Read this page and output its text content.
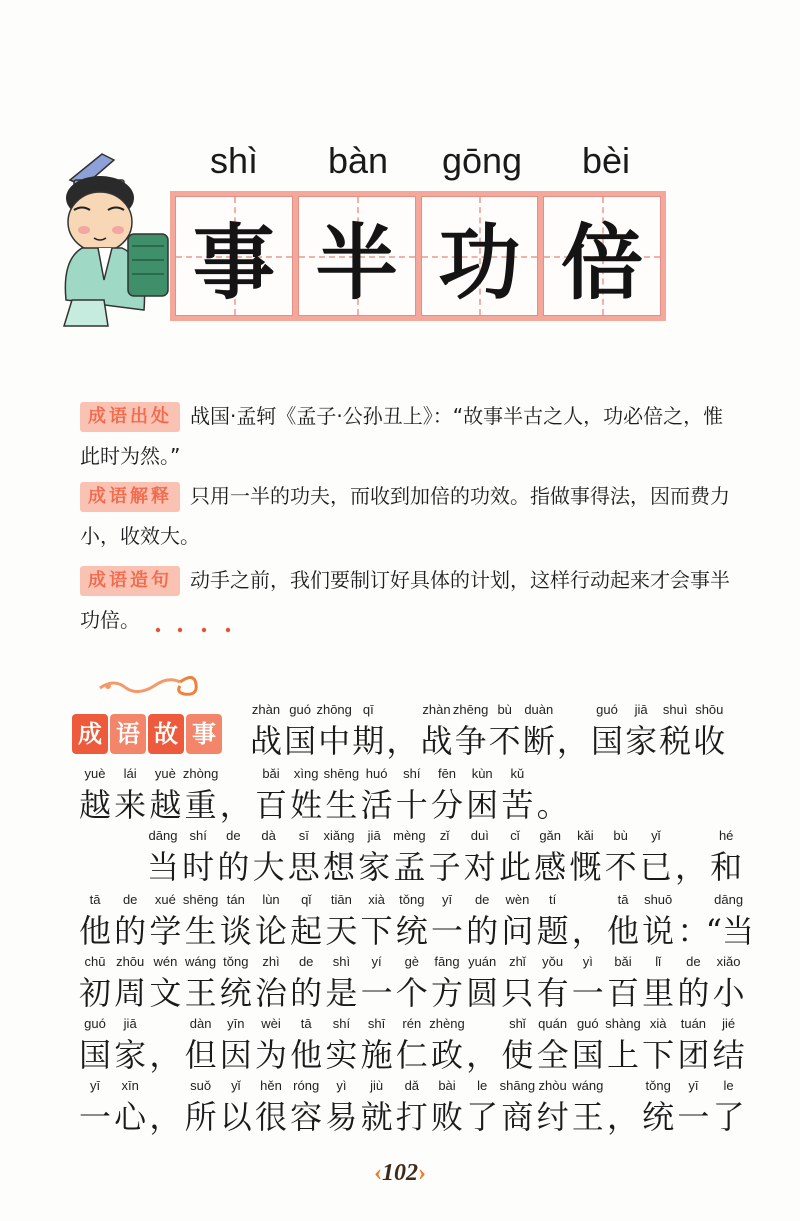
shì	bàn	gōng	bèi
事 半 功 倍
成语出处 战国·孟轲《孟子·公孙丑上》：“故事半古之人，功必倍之，惟此时为然。”
成语解释 只用一半的功夫，而收到加倍的功效。指做事得法，因而费力小，收效大。
成语造句 动手之前，我们要制订好具体的计划，这样行动起来才会事半功倍。
成 语 故 事
zhàn
战
guó
国
zhōng
中
qī
期 ，
zhàn
战
zhēng
争
bù
不
duàn
断 ，
guó
国
jiā
家
shuì
税
shōu
收
yuè
越
lái
来
yuè
越
zhòng
重 ，
bǎi
百
xìng
姓
shēng
生
huó
活
shí
十
fēn
分
kùn
困
kǔ
苦 。
dāng
当
shí
时
de
的
dà
大
sī
思
xiǎng
想
jiā
家
mèng
孟
zǐ
子
duì
对
cǐ
此
gǎn
感
kǎi
慨
bù
不
yǐ
已 ，
hé
和
tā
他
de
的
xué
学
shēng
生
tán
谈
lùn
论
qǐ
起
tiān
天
xià
下
tǒng
统
yī
一
de
的
wèn
问
tí
题 ，
tā
他
shuō
说 ：
dāng
“当
chū
初
zhōu
周
wén
文
wáng
王
tǒng
统
zhì
治
de
的
shì
是
yí
一
gè
个
fāng
方
yuán
圆
zhǐ
只
yǒu
有
yì
一
bǎi
百
lǐ
里
de
的
xiǎo
小
guó
国
jiā
家 ，
dàn
但
yīn
因
wèi
为
tā
他
shí
实
shī
施
rén
仁
zhèng
政 ，
shǐ
使
quán
全
guó
国
shàng
上
xià
下
tuán
团
jié
结
yī
一
xīn
心 ，
suǒ
所
yǐ
以
hěn
很
róng
容
yì
易
jiù
就
dǎ
打
bài
败
le
了
shāng
商
zhòu
纣
wáng
王 ，
tǒng
统
yī
一
le
了
‹102›
